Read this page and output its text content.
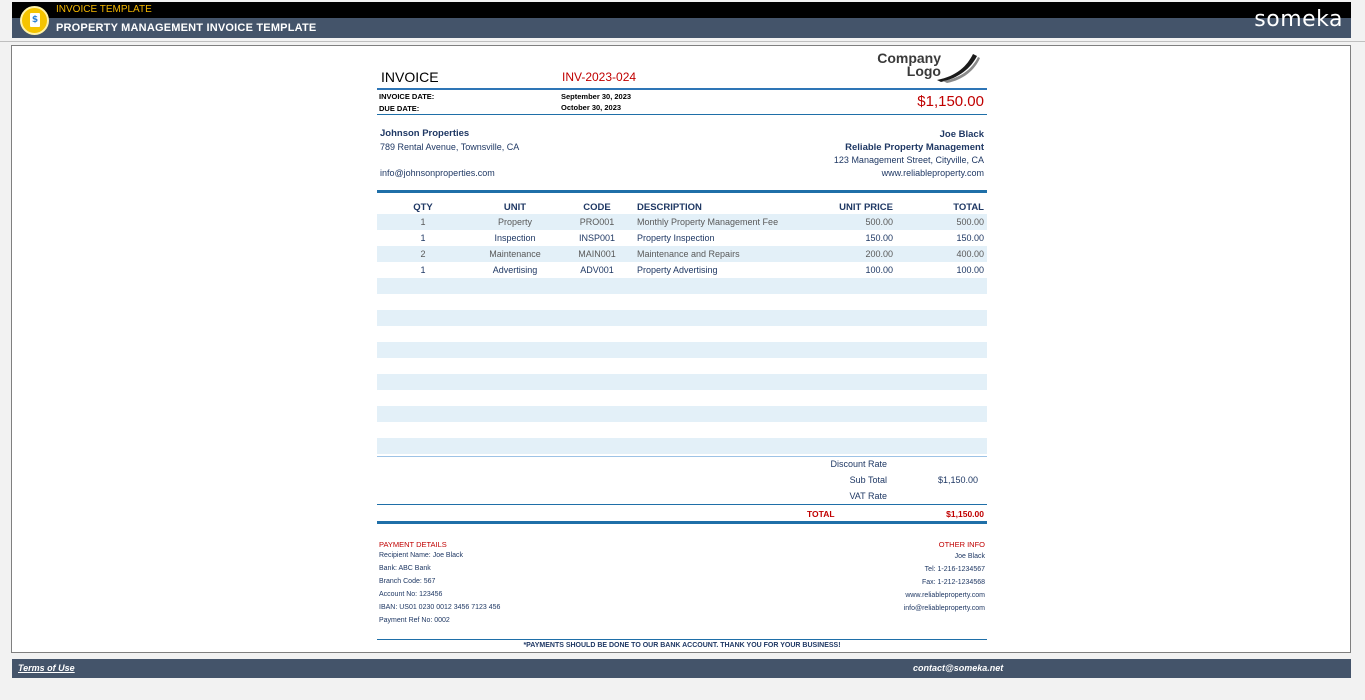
$
INVOICE TEMPLATE
PROPERTY MANAGEMENT INVOICE TEMPLATE	someka
INVOICE	INV-2023-024
Company
Logo
INVOICE DATE:	September 30, 2023
DUE DATE:	October 30, 2023	$1,150.00
Johnson Properties
789 Rental Avenue, Townsville, CA
info@johnsonproperties.com
Joe Black
Reliable Property Management
123 Management Street, Cityville, CA
www.reliableproperty.com
QTY	UNIT	CODE	DESCRIPTION	UNIT PRICE	TOTAL
1	Property	PRO001	Monthly Property Management Fee	500.00	500.00
1	Inspection	INSP001	Property Inspection	150.00	150.00
2	Maintenance	MAIN001	Maintenance and Repairs	200.00	400.00
1	Advertising	ADV001	Property Advertising	100.00	100.00

Discount Rate
Sub Total	$1,150.00
VAT Rate
TOTAL	$1,150.00
PAYMENT DETAILS
Recipient Name: Joe Black
Bank: ABC Bank
Branch Code: 567
Account No: 123456
IBAN: US01 0230 0012 3456 7123 456
Payment Ref No: 0002
OTHER INFO
Joe Black
Tel: 1-216-1234567
Fax: 1-212-1234568
www.reliableproperty.com
info@reliableproperty.com
*PAYMENTS SHOULD BE DONE TO OUR BANK ACCOUNT. THANK YOU FOR YOUR BUSINESS!
Terms of Use	contact@someka.net
